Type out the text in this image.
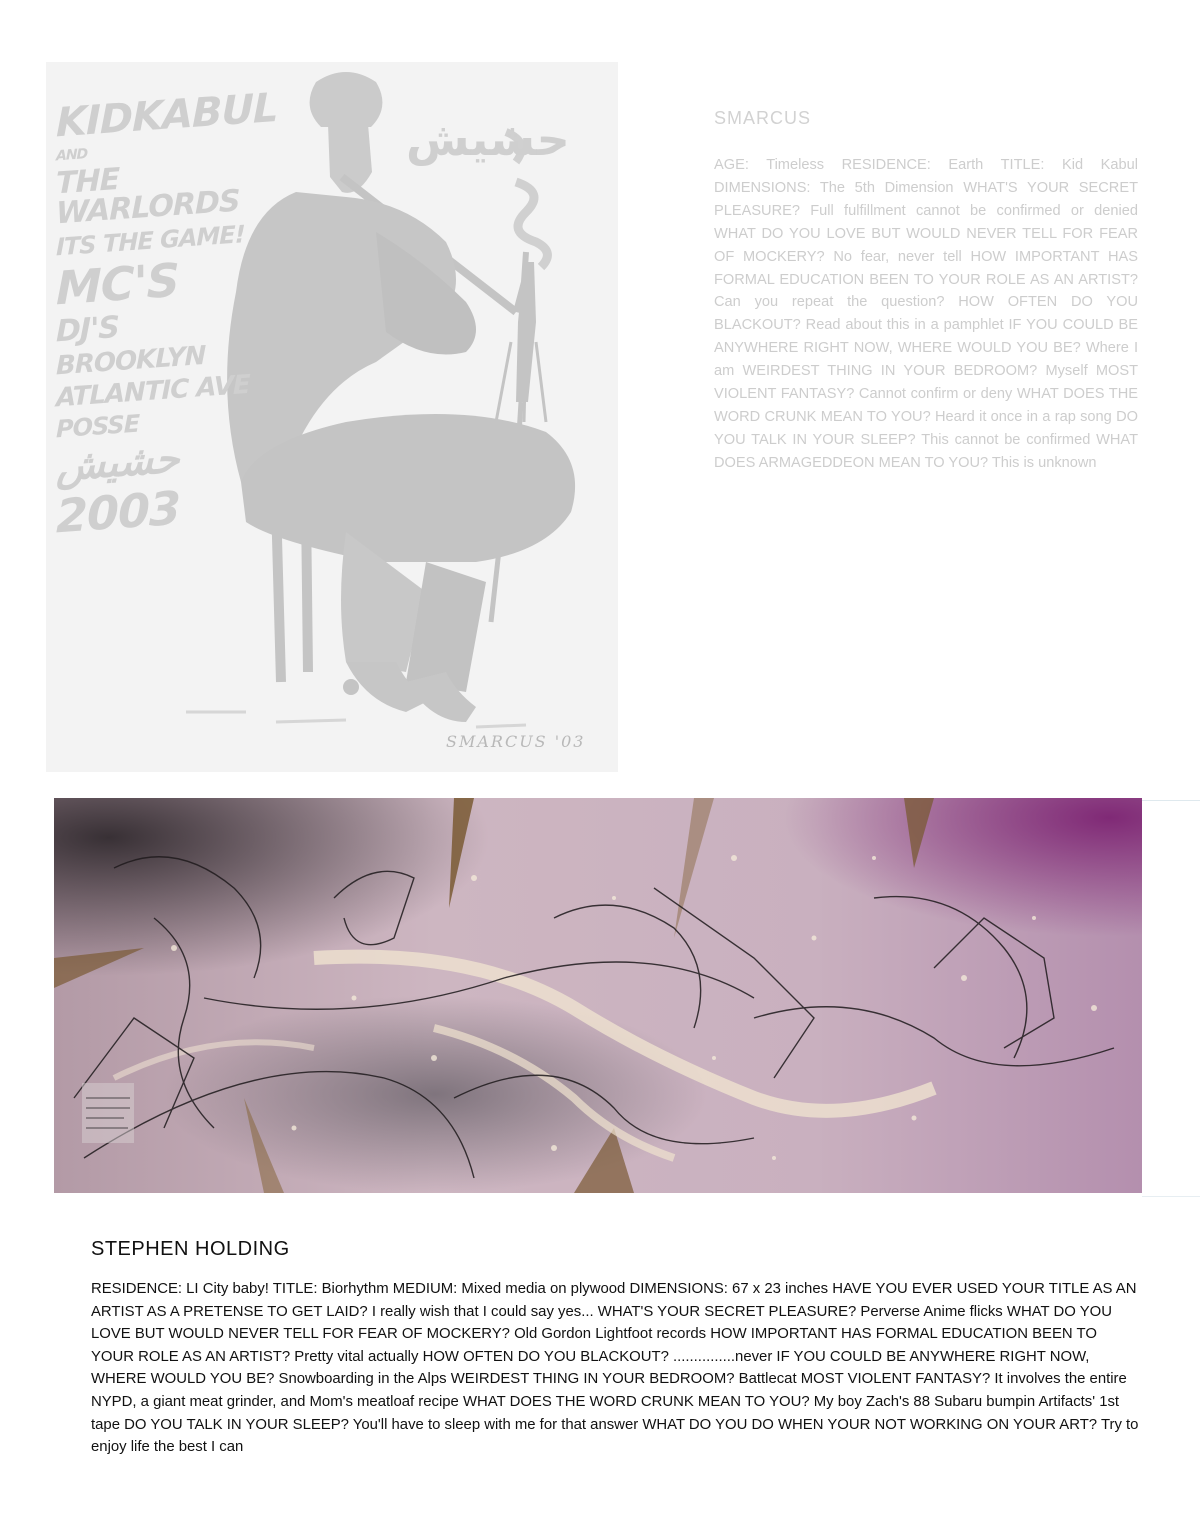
KIDKABUL
AND
THE WARLORDS
ITS THE GAME!
MC'S
DJ'S
BROOKLYN
ATLANTIC AVE
POSSE
حشيش
2003
حشيش
SMARCUS '03
SMARCUS

AGE: Timeless RESIDENCE: Earth TITLE: Kid Kabul DIMENSIONS: The 5th Dimension WHAT'S YOUR SECRET PLEASURE? Full fulfillment cannot be confirmed or denied WHAT DO YOU LOVE BUT WOULD NEVER TELL FOR FEAR OF MOCKERY? No fear, never tell HOW IMPORTANT HAS FORMAL EDUCATION BEEN TO YOUR ROLE AS AN ARTIST? Can you repeat the question? HOW OFTEN DO YOU BLACKOUT? Read about this in a pamphlet IF YOU COULD BE ANYWHERE RIGHT NOW, WHERE WOULD YOU BE? Where I am WEIRDEST THING IN YOUR BEDROOM? Myself MOST VIOLENT FANTASY? Cannot confirm or deny WHAT DOES THE WORD CRUNK MEAN TO YOU? Heard it once in a rap song DO YOU TALK IN YOUR SLEEP? This cannot be confirmed WHAT DOES ARMAGEDDEON MEAN TO YOU? This is unknown

STEPHEN HOLDING

RESIDENCE: LI City baby! TITLE: Biorhythm MEDIUM: Mixed media on plywood DIMENSIONS: 67 x 23 inches HAVE YOU EVER USED YOUR TITLE AS AN ARTIST AS A PRETENSE TO GET LAID? I really wish that I could say yes... WHAT'S YOUR SECRET PLEASURE? Perverse Anime flicks WHAT DO YOU LOVE BUT WOULD NEVER TELL FOR FEAR OF MOCKERY? Old Gordon Lightfoot records HOW IMPORTANT HAS FORMAL EDUCATION BEEN TO YOUR ROLE AS AN ARTIST? Pretty vital actually HOW OFTEN DO YOU BLACKOUT? ...............never IF YOU COULD BE ANYWHERE RIGHT NOW, WHERE WOULD YOU BE? Snowboarding in the Alps WEIRDEST THING IN YOUR BEDROOM? Battlecat MOST VIOLENT FANTASY? It involves the entire NYPD, a giant meat grinder, and Mom's meatloaf recipe WHAT DOES THE WORD CRUNK MEAN TO YOU? My boy Zach's 88 Subaru bumpin Artifacts' 1st tape DO YOU TALK IN YOUR SLEEP? You'll have to sleep with me for that answer WHAT DO YOU DO WHEN YOUR NOT WORKING ON YOUR ART? Try to enjoy life the best I can
